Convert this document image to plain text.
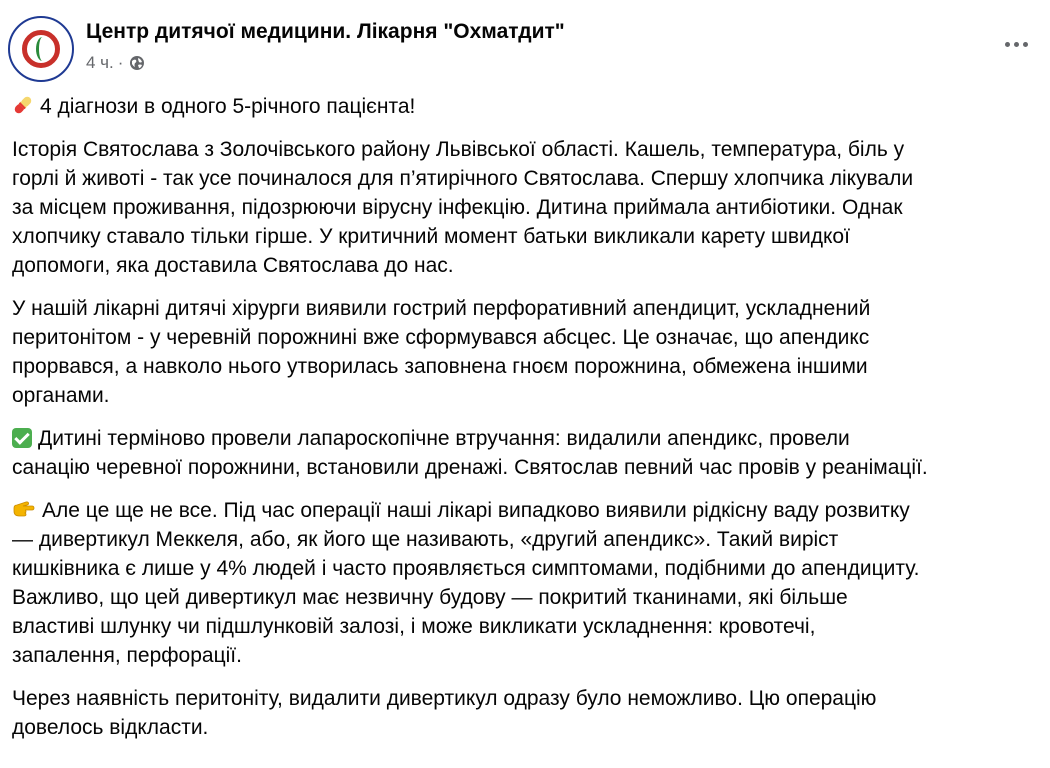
Центр дитячої медицини. Лікарня "Охматдит"
4 ч. ·

4 діагнози в одного 5-річного пацієнта!

Історія Святослава з Золочівського району Львівської області. Кашель, температура, біль у
горлі й животі - так усе починалося для п’ятирічного Святослава. Спершу хлопчика лікували
за місцем проживання, підозрюючи вірусну інфекцію. Дитина приймала антибіотики. Однак
хлопчику ставало тільки гірше. У критичний момент батьки викликали карету швидкої
допомоги, яка доставила Святослава до нас.

У нашій лікарні дитячі хірурги виявили гострий перфоративний апендицит, ускладнений
перитонітом - у черевній порожнині вже сформувався абсцес. Це означає, що апендикс
прорвався, а навколо нього утворилась заповнена гноєм порожнина, обмежена іншими
органами.

Дитині терміново провели лапароскопічне втручання: видалили апендикс, провели
санацію черевної порожнини, встановили дренажі. Святослав певний час провів у реанімації.

Але це ще не все. Під час операції наші лікарі випадково виявили рідкісну ваду розвитку
— дивертикул Меккеля, або, як його ще називають, «другий апендикс». Такий виріст
кишківника є лише у 4% людей і часто проявляється симптомами, подібними до апендициту.
Важливо, що цей дивертикул має незвичну будову — покритий тканинами, які більше
властиві шлунку чи підшлунковій залозі, і може викликати ускладнення: кровотечі,
запалення, перфорації.

Через наявність перитоніту, видалити дивертикул одразу було неможливо. Цю операцію
довелось відкласти.
